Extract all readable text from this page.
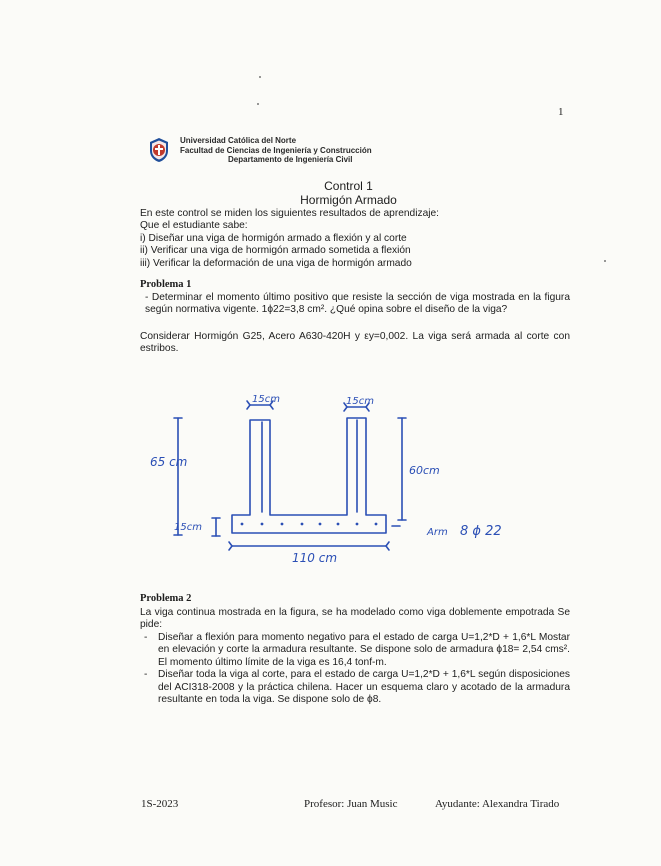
1
Universidad Católica del Norte
Facultad de Ciencias de Ingeniería y Construcción
Departamento de Ingeniería Civil
Control 1
Hormigón Armado
En este control se miden los siguientes resultados de aprendizaje:
Que el estudiante sabe:
i) Diseñar una viga de hormigón armado a flexión y al corte
ii) Verificar una viga de hormigón armado sometida a flexión
iii) Verificar la deformación de una viga de hormigón armado
Problema 1
- Determinar el momento último positivo que resiste la sección de viga mostrada en la figura según normativa vigente. 1ϕ22=3,8 cm². ¿Qué opina sobre el diseño de la viga?
Considerar Hormigón G25, Acero A630-420H y εy=0,002. La viga será armada al corte con estribos.
15cm	15cm
65 cm
60cm
15cm
110 cm
Arm 8 ϕ 22
Problema 2
La viga continua mostrada en la figura, se ha modelado como viga doblemente empotrada Se pide:
- Diseñar a flexión para momento negativo para el estado de carga U=1,2*D + 1,6*L Mostar en elevación y corte la armadura resultante. Se dispone solo de armadura ϕ18= 2,54 cms². El momento último límite de la viga es 16,4 tonf-m.
- Diseñar toda la viga al corte, para el estado de carga U=1,2*D + 1,6*L según disposiciones del ACI318-2008 y la práctica chilena. Hacer un esquema claro y acotado de la armadura resultante en toda la viga. Se dispone solo de ϕ8.
1S-2023	Profesor: Juan Music	Ayudante: Alexandra Tirado
